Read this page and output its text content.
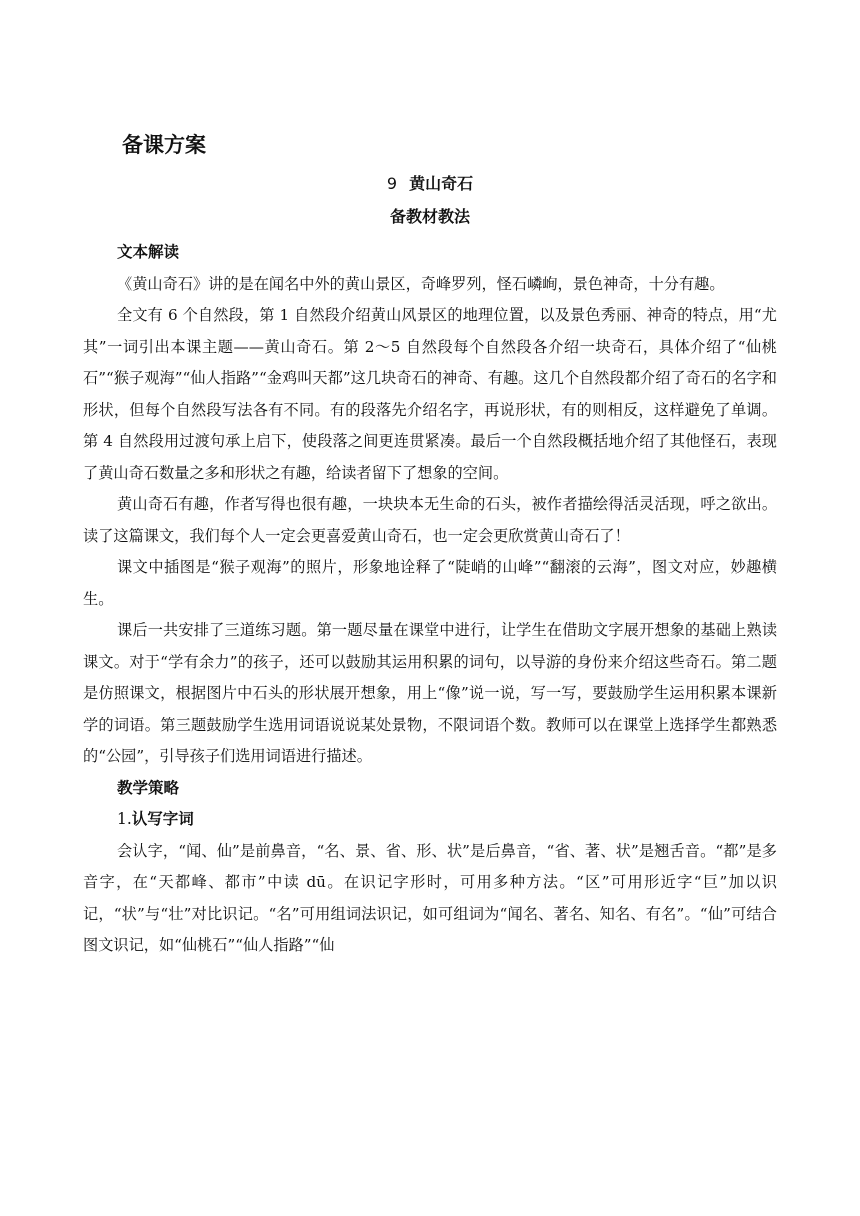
备课方案
9 黄山奇石
备教材教法
文本解读

《黄山奇石》讲的是在闻名中外的黄山景区，奇峰罗列，怪石嶙峋，景色神奇，十分有趣。

全文有 6 个自然段，第 1 自然段介绍黄山风景区的地理位置，以及景色秀丽、神奇的特点，用“尤其”一词引出本课主题——黄山奇石。第 2～5 自然段每个自然段各介绍一块奇石，具体介绍了“仙桃石”“猴子观海”“仙人指路”“金鸡叫天都”这几块奇石的神奇、有趣。这几个自然段都介绍了奇石的名字和形状，但每个自然段写法各有不同。有的段落先介绍名字，再说形状，有的则相反，这样避免了单调。第 4 自然段用过渡句承上启下，使段落之间更连贯紧凑。最后一个自然段概括地介绍了其他怪石，表现了黄山奇石数量之多和形状之有趣，给读者留下了想象的空间。

黄山奇石有趣，作者写得也很有趣，一块块本无生命的石头，被作者描绘得活灵活现，呼之欲出。读了这篇课文，我们每个人一定会更喜爱黄山奇石，也一定会更欣赏黄山奇石了！

课文中插图是“猴子观海”的照片，形象地诠释了“陡峭的山峰”“翻滚的云海”，图文对应，妙趣横生。

课后一共安排了三道练习题。第一题尽量在课堂中进行，让学生在借助文字展开想象的基础上熟读课文。对于“学有余力”的孩子，还可以鼓励其运用积累的词句，以导游的身份来介绍这些奇石。第二题是仿照课文，根据图片中石头的形状展开想象，用上“像”说一说，写一写，要鼓励学生运用积累本课新学的词语。第三题鼓励学生选用词语说说某处景物，不限词语个数。教师可以在课堂上选择学生都熟悉的“公园”，引导孩子们选用词语进行描述。

教学策略
1.认写字词

会认字，“闻、仙”是前鼻音，“名、景、省、形、状”是后鼻音，“省、著、状”是翘舌音。“都”是多音字，在“天都峰、都市”中读 dū。在识记字形时，可用多种方法。“区”可用形近字“巨”加以识记，“状”与“壮”对比识记。“名”可用组词法识记，如可组词为“闻名、著名、知名、有名”。“仙”可结合图文识记，如“仙桃石”“仙人指路”“仙
